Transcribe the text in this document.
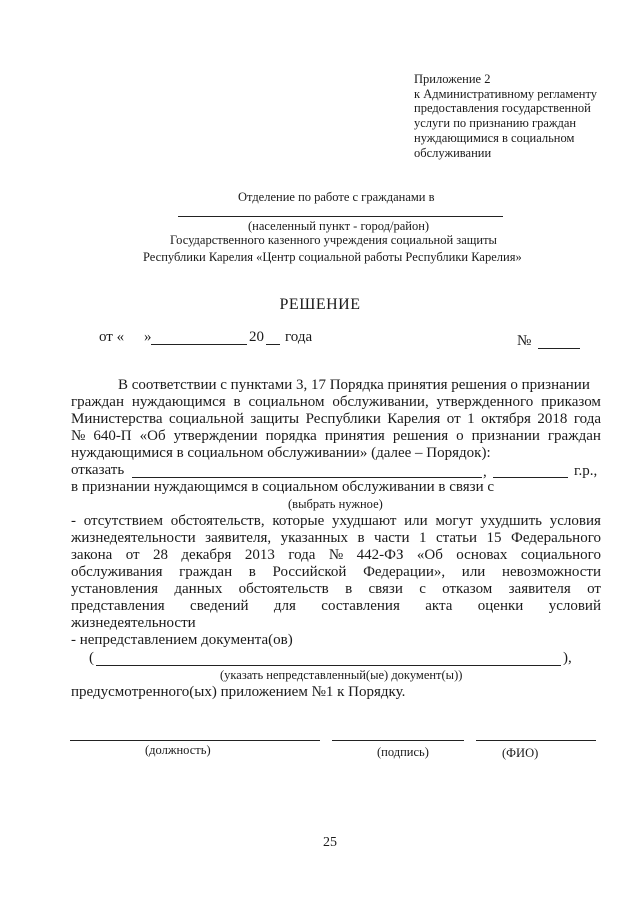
Приложение 2
к Административному регламенту
предоставления государственной
услуги по признанию граждан
нуждающимися в социальном
обслуживании
Отделение по работе с гражданами в
(населенный пункт - город/район)
Государственного казенного учреждения социальной защиты
Республики Карелия «Центр социальной работы Республики Карелия»
РЕШЕНИЕ
от « »	20 года	№
В соответствии с пунктами 3, 17 Порядка принятия решения о признании
граждан нуждающимся в социальном обслуживании, утвержденного приказом
Министерства социальной защиты Республики Карелия от 1 октября 2018 года
№ 640-П «Об утверждении порядка принятия решения о признании граждан
нуждающимися в социальном обслуживании» (далее – Порядок):
отказать	,	г.р.,
в признании нуждающимся в социальном обслуживании в связи с
(выбрать нужное)
- отсутствием обстоятельств, которые ухудшают или могут ухудшить условия
жизнедеятельности заявителя, указанных в части 1 статьи 15 Федерального
закона от 28 декабря 2013 года № 442-ФЗ «Об основах социального
обслуживания граждан в Российской Федерации», или невозможности
установления данных обстоятельств в связи с отказом заявителя от
представления сведений для составления акта оценки условий
жизнедеятельности
- непредставлением документа(ов)
(	),
(указать непредставленный(ые) документ(ы))
предусмотренного(ых) приложением №1 к Порядку.
(должность)	(подпись)	(ФИО)
25
